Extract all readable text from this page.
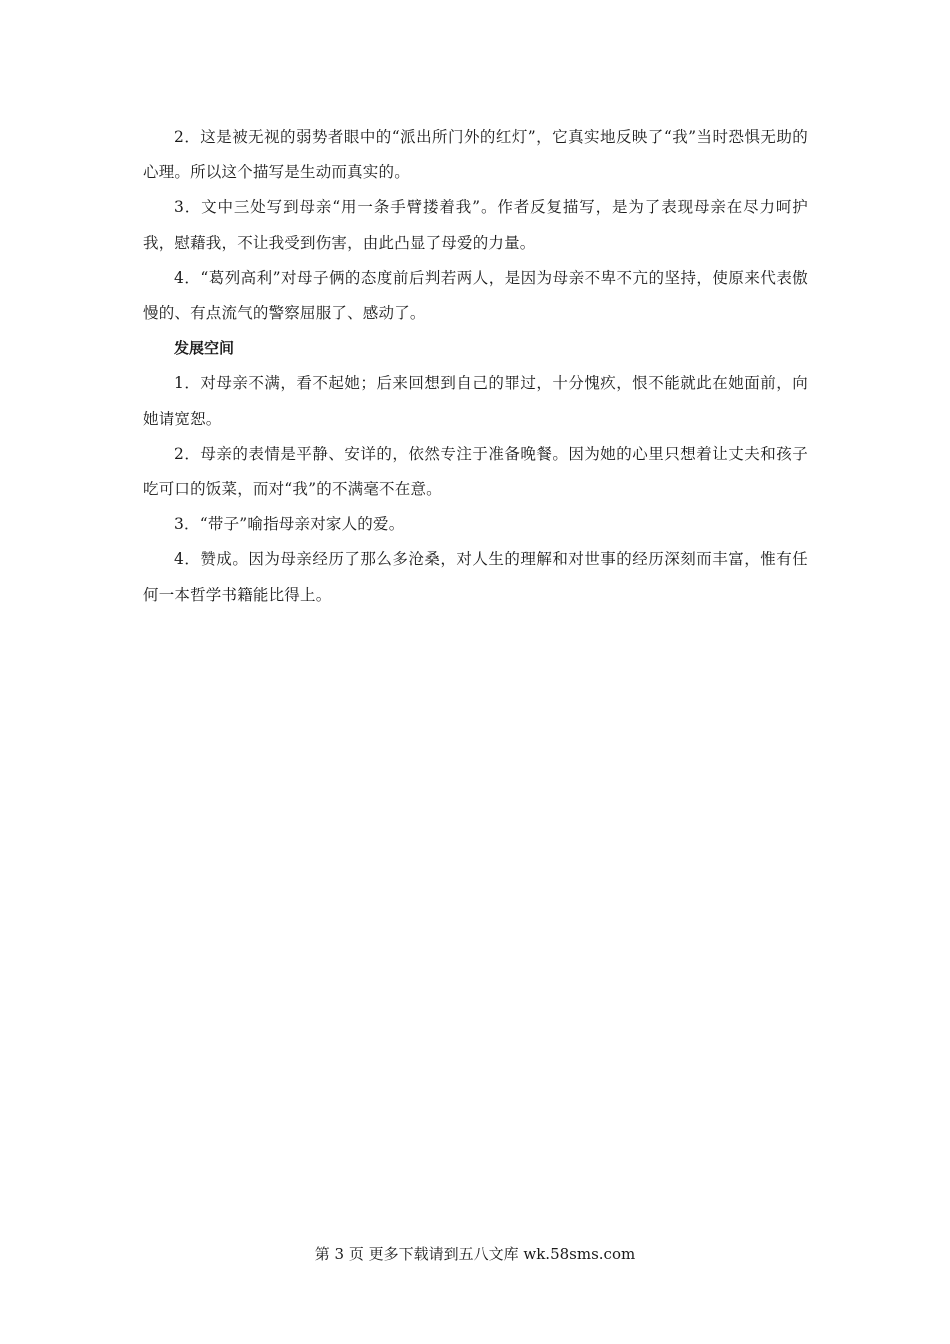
2．这是被无视的弱势者眼中的“派出所门外的红灯”，它真实地反映了“我”当时恐惧无助的心理。所以这个描写是生动而真实的。

3．文中三处写到母亲“用一条手臂搂着我”。作者反复描写，是为了表现母亲在尽力呵护我，慰藉我，不让我受到伤害，由此凸显了母爱的力量。

4．“葛列高利”对母子俩的态度前后判若两人，是因为母亲不卑不亢的坚持，使原来代表傲慢的、有点流气的警察屈服了、感动了。

发展空间

1．对母亲不满，看不起她；后来回想到自己的罪过，十分愧疚，恨不能就此在她面前，向她请宽恕。

2．母亲的表情是平静、安详的，依然专注于准备晚餐。因为她的心里只想着让丈夫和孩子吃可口的饭菜，而对“我”的不满毫不在意。

3．“带子”喻指母亲对家人的爱。

4．赞成。因为母亲经历了那么多沧桑，对人生的理解和对世事的经历深刻而丰富，惟有任何一本哲学书籍能比得上。

第 3 页 更多下载请到五八文库 wk.58sms.com
